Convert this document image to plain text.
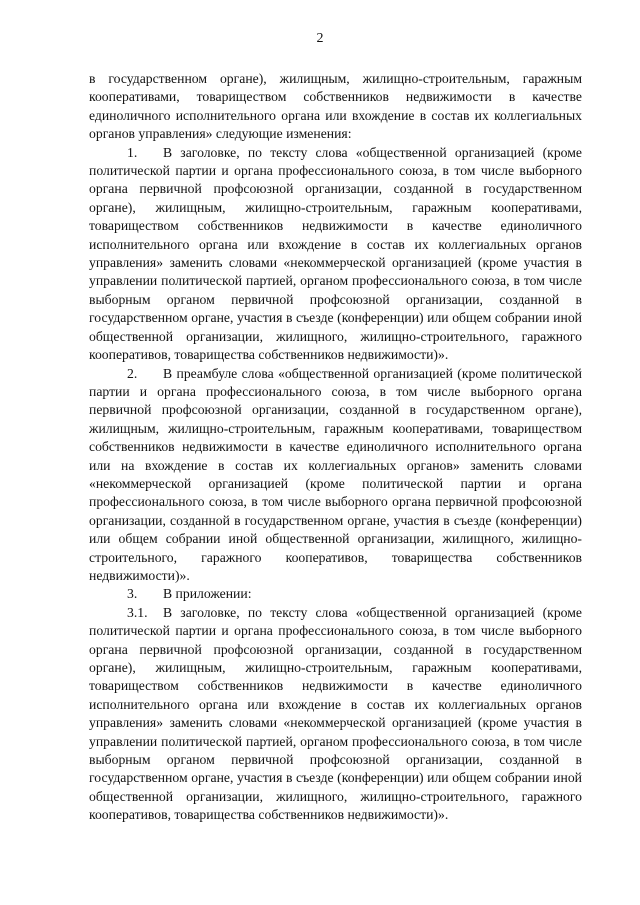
2

в государственном органе), жилищным, жилищно-строительным, гаражным кооперативами, товариществом собственников недвижимости в качестве единоличного исполнительного органа или вхождение в состав их коллегиальных органов управления» следующие изменения:

1. В заголовке, по тексту слова «общественной организацией (кроме политической партии и органа профессионального союза, в том числе выборного органа первичной профсоюзной организации, созданной в государственном органе), жилищным, жилищно-строительным, гаражным кооперативами, товариществом собственников недвижимости в качестве единоличного исполнительного органа или вхождение в состав их коллегиальных органов управления» заменить словами «некоммерческой организацией (кроме участия в управлении политической партией, органом профессионального союза, в том числе выборным органом первичной профсоюзной организации, созданной в государственном органе, участия в съезде (конференции) или общем собрании иной общественной организации, жилищного, жилищно-строительного, гаражного кооперативов, товарищества собственников недвижимости)».

2. В преамбуле слова «общественной организацией (кроме политической партии и органа профессионального союза, в том числе выборного органа первичной профсоюзной организации, созданной в государственном органе), жилищным, жилищно-строительным, гаражным кооперативами, товариществом собственников недвижимости в качестве единоличного исполнительного органа или на вхождение в состав их коллегиальных органов» заменить словами «некоммерческой организацией (кроме политической партии и органа профессионального союза, в том числе выборного органа первичной профсоюзной организации, созданной в государственном органе, участия в съезде (конференции) или общем собрании иной общественной организации, жилищного, жилищно-строительного, гаражного кооперативов, товарищества собственников недвижимости)».

3. В приложении:

3.1. В заголовке, по тексту слова «общественной организацией (кроме политической партии и органа профессионального союза, в том числе выборного органа первичной профсоюзной организации, созданной в государственном органе), жилищным, жилищно-строительным, гаражным кооперативами, товариществом собственников недвижимости в качестве единоличного исполнительного органа или вхождение в состав их коллегиальных органов управления» заменить словами «некоммерческой организацией (кроме участия в управлении политической партией, органом профессионального союза, в том числе выборным органом первичной профсоюзной организации, созданной в государственном органе, участия в съезде (конференции) или общем собрании иной общественной организации, жилищного, жилищно-строительного, гаражного кооперативов, товарищества собственников недвижимости)».
